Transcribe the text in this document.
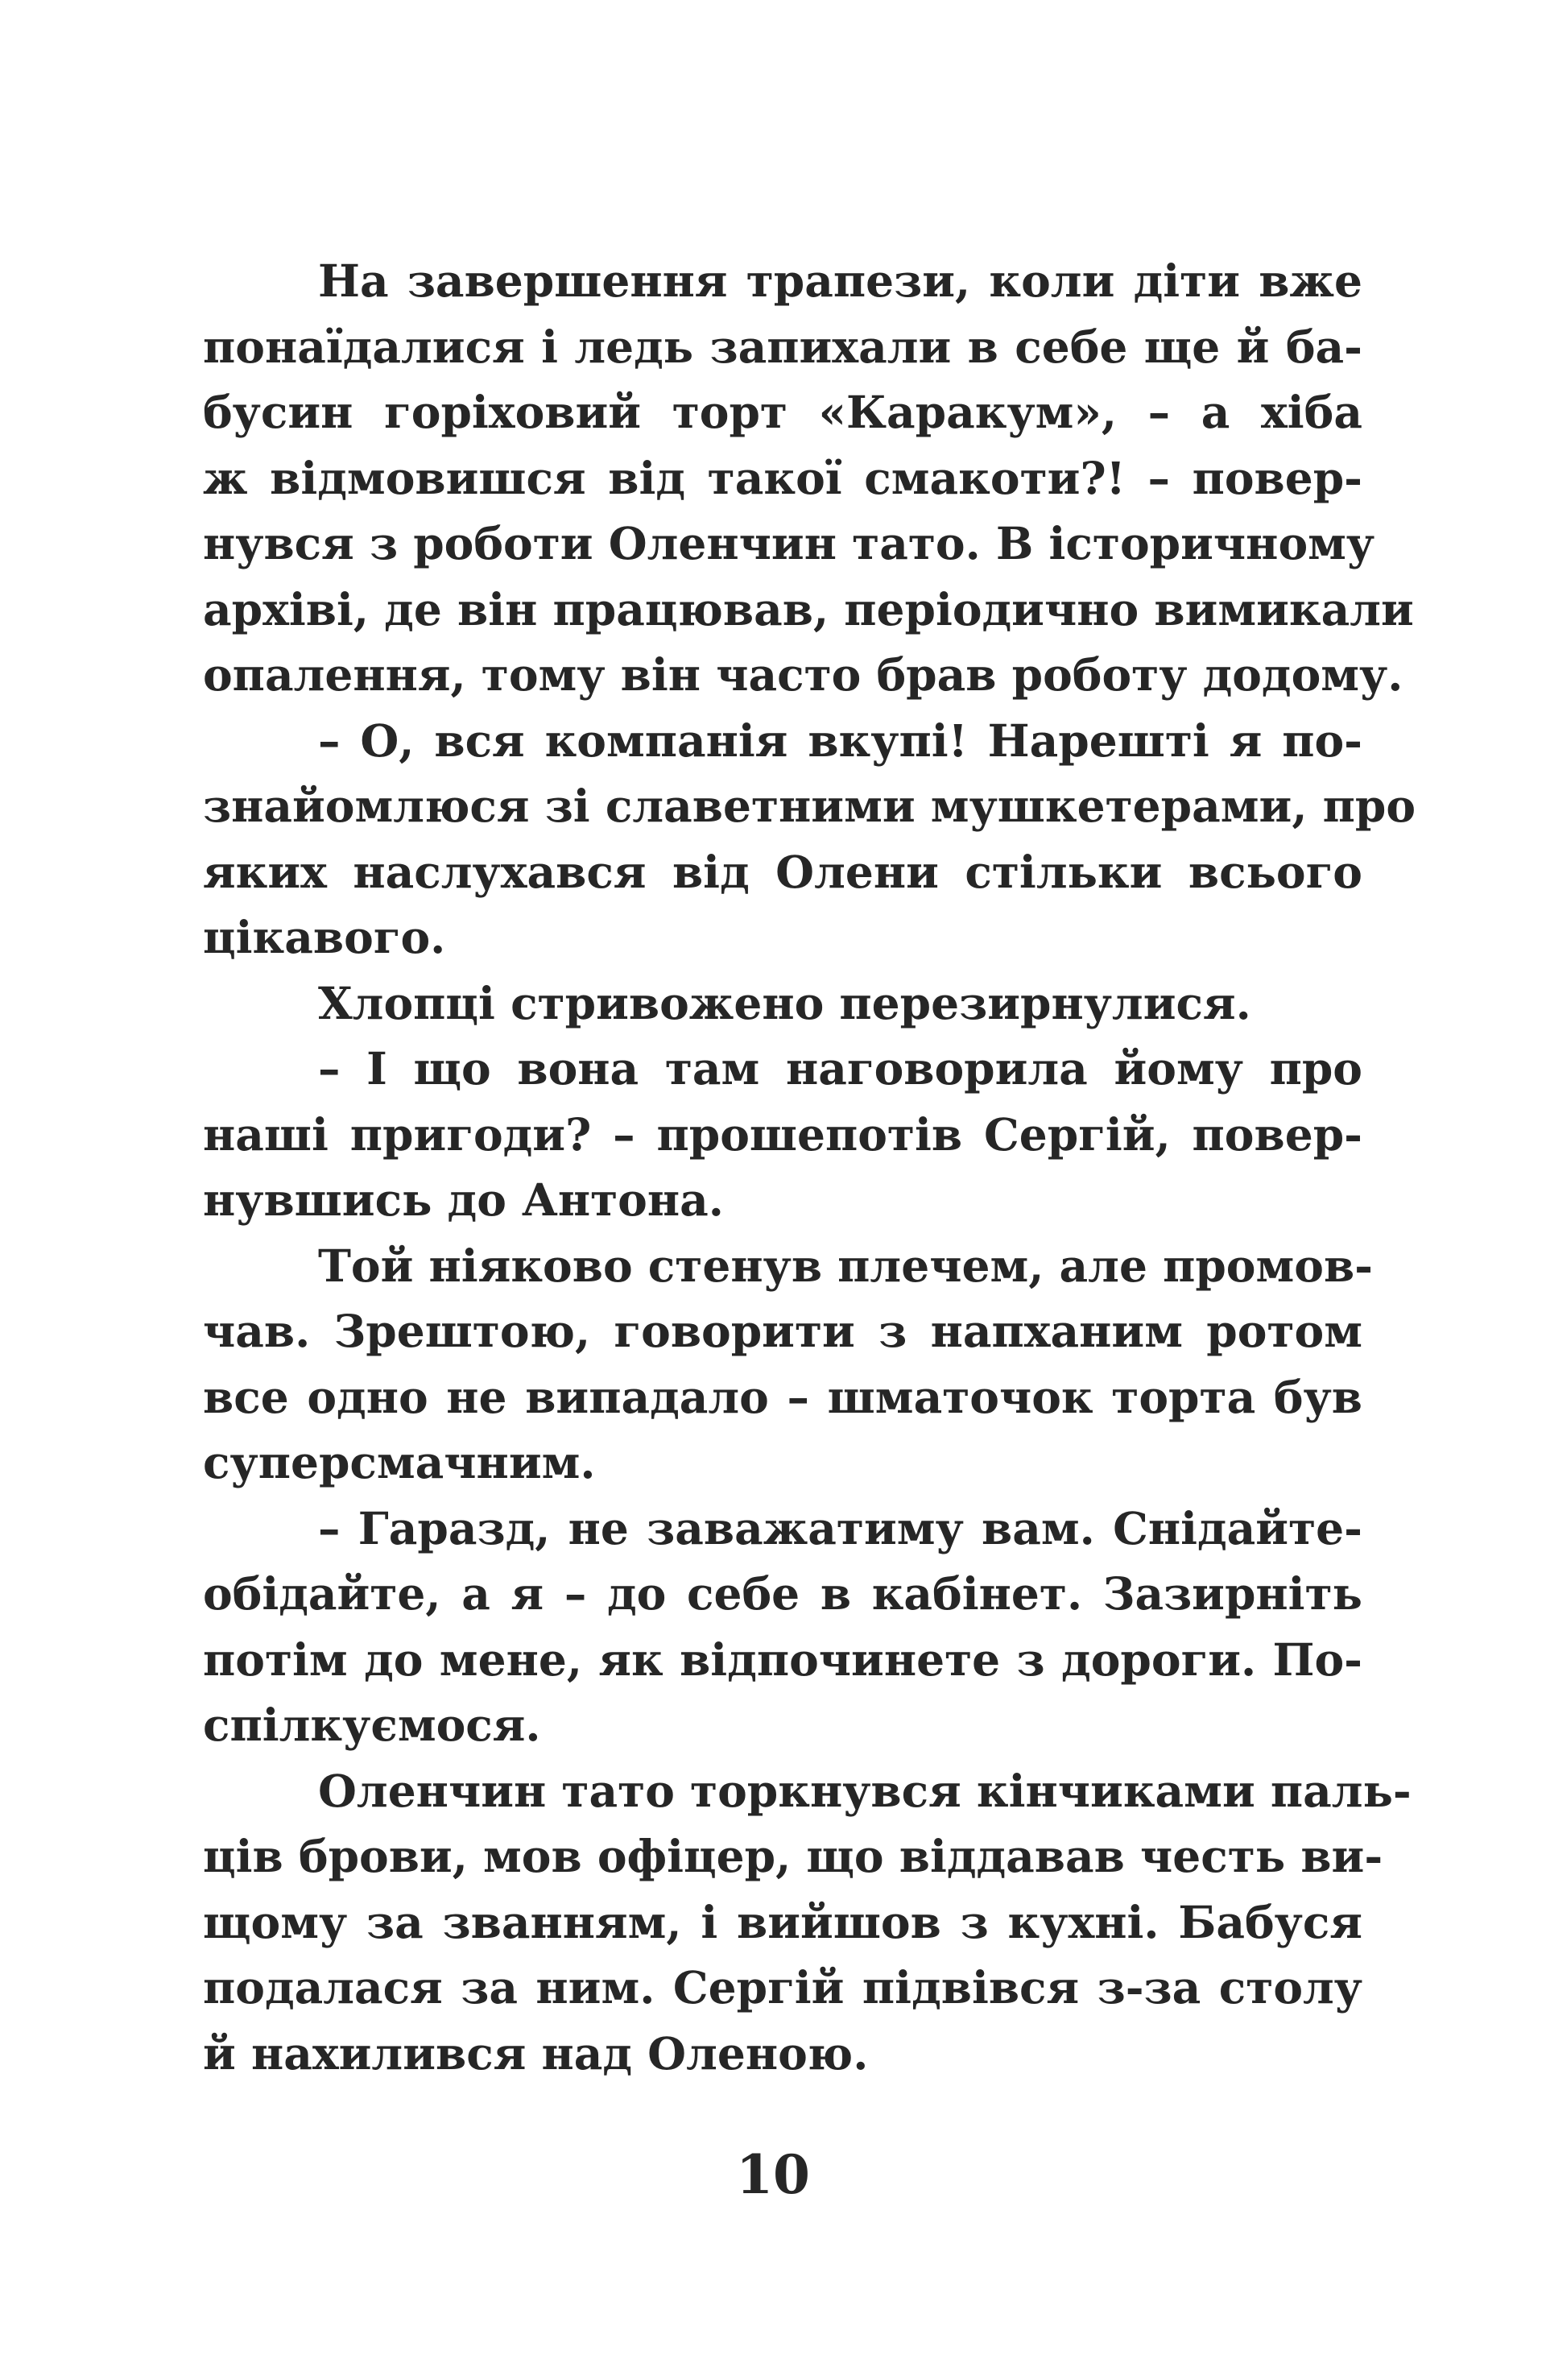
На завершення трапези, коли діти вже
понаїдалися і ледь запихали в себе ще й ба-
бусин горіховий торт «Каракум», – а хіба
ж відмовишся від такої смакоти?! – повер-
нувся з роботи Оленчин тато. В історичному
архіві, де він працював, періодично вимикали
опалення, тому він часто брав роботу додому.
– О, вся компанія вкупі! Нарешті я по-
знайомлюся зі славетними мушкетерами, про
яких наслухався від Олени стільки всього
цікавого.
Хлопці стривожено перезирнулися.
– І що вона там наговорила йому про
наші пригоди? – прошепотів Сергій, повер-
нувшись до Антона.
Той ніяково стенув плечем, але промов-
чав. Зрештою, говорити з напханим ротом
все одно не випадало – шматочок торта був
суперсмачним.
– Гаразд, не заважатиму вам. Снідайте-
обідайте, а я – до себе в кабінет. Зазирніть
потім до мене, як відпочинете з дороги. По-
спілкуємося.
Оленчин тато торкнувся кінчиками паль-
ців брови, мов офіцер, що віддавав честь ви-
щому за званням, і вийшов з кухні. Бабуся
подалася за ним. Сергій підвівся з-за столу
й нахилився над Оленою.
10
